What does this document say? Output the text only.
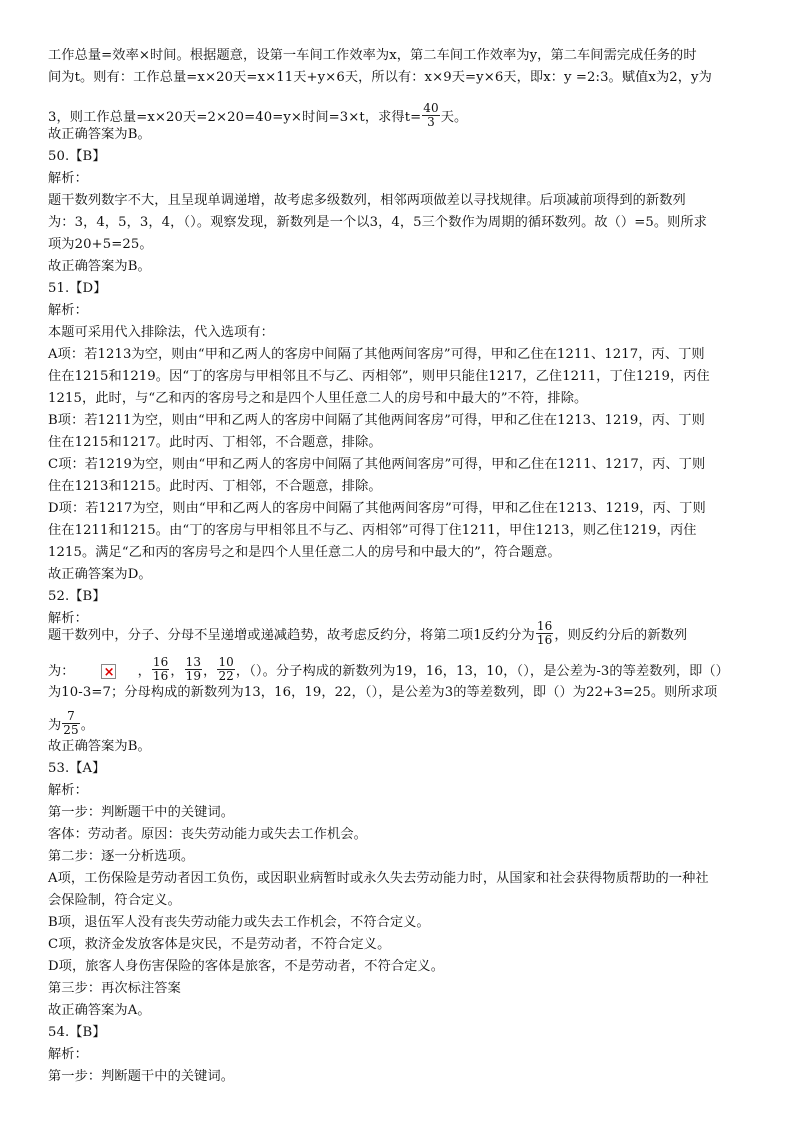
工作总量=效率×时间。根据题意，设第一车间工作效率为x，第二车间工作效率为y，第二车间需完成任务的时
间为t。则有：工作总量=x×20天=x×11天+y×6天，所以有：x×9天=y×6天，即x：y =2:3。赋值x为2，y为
3，则工作总量=x×20天=2×20=40=y×时间=3×t，求得$t= \frac{40}{3}$ 天。
故正确答案为B。
50.【B】
解析：
题干数列数字不大，且呈现单调递增，故考虑多级数列，相邻两项做差以寻找规律。后项减前项得到的新数列
为：3，4，5，3，4，（）。观察发现，新数列是一个以3，4，5三个数作为周期的循环数列。故（）=5。则所求
项为20+5=25。
故正确答案为B。
51.【D】
解析：
本题可采用代入排除法，代入选项有：
A项：若1213为空，则由“甲和乙两人的客房中间隔了其他两间客房”可得，甲和乙住在1211、1217，丙、丁则
住在1215和1219。因“丁的客房与甲相邻且不与乙、丙相邻”，则甲只能住1217，乙住1211，丁住1219，丙住
1215，此时，与“乙和丙的客房号之和是四个人里任意二人的房号和中最大的”不符，排除。
B项：若1211为空，则由“甲和乙两人的客房中间隔了其他两间客房”可得，甲和乙住在1213、1219，丙、丁则
住在1215和1217。此时丙、丁相邻，不合题意，排除。
C项：若1219为空，则由“甲和乙两人的客房中间隔了其他两间客房”可得，甲和乙住在1211、1217，丙、丁则
住在1213和1215。此时丙、丁相邻，不合题意，排除。
D项：若1217为空，则由“甲和乙两人的客房中间隔了其他两间客房”可得，甲和乙住在1213、1219，丙、丁则
住在1211和1215。由“丁的客房与甲相邻且不与乙、丙相邻”可得丁住1211，甲住1213，则乙住1219，丙住
1215。满足“乙和丙的客房号之和是四个人里任意二人的房号和中最大的”，符合题意。
故正确答案为D。
52.【B】
解析：
题干数列中，分子、分母不呈递增或递减趋势，故考虑反约分，将第二项1反约分为 $\frac{16}{16}$ ，则反约分后的新数列
为：×	， $\frac{16}{16}$ ， $\frac{13}{19}$ ， $\frac{10}{22}$ ，（）。分子构成的新数列为19，16，13，10，（），是公差为-3的等差数列，即（）
为10-3=7；分母构成的新数列为13，16，19，22，（），是公差为3的等差数列，即（）为22+3=25。则所求项
为 $\frac{7}{25}$ 。
故正确答案为B。
53.【A】
解析：
第一步：判断题干中的关键词。
客体：劳动者。原因：丧失劳动能力或失去工作机会。
第二步：逐一分析选项。
A项，工伤保险是劳动者因工负伤，或因职业病暂时或永久失去劳动能力时，从国家和社会获得物质帮助的一种社
会保险制，符合定义。
B项，退伍军人没有丧失劳动能力或失去工作机会，不符合定义。
C项，救济金发放客体是灾民，不是劳动者，不符合定义。
D项，旅客人身伤害保险的客体是旅客，不是劳动者，不符合定义。
第三步：再次标注答案
故正确答案为A。
54.【B】
解析：
第一步：判断题干中的关键词。
